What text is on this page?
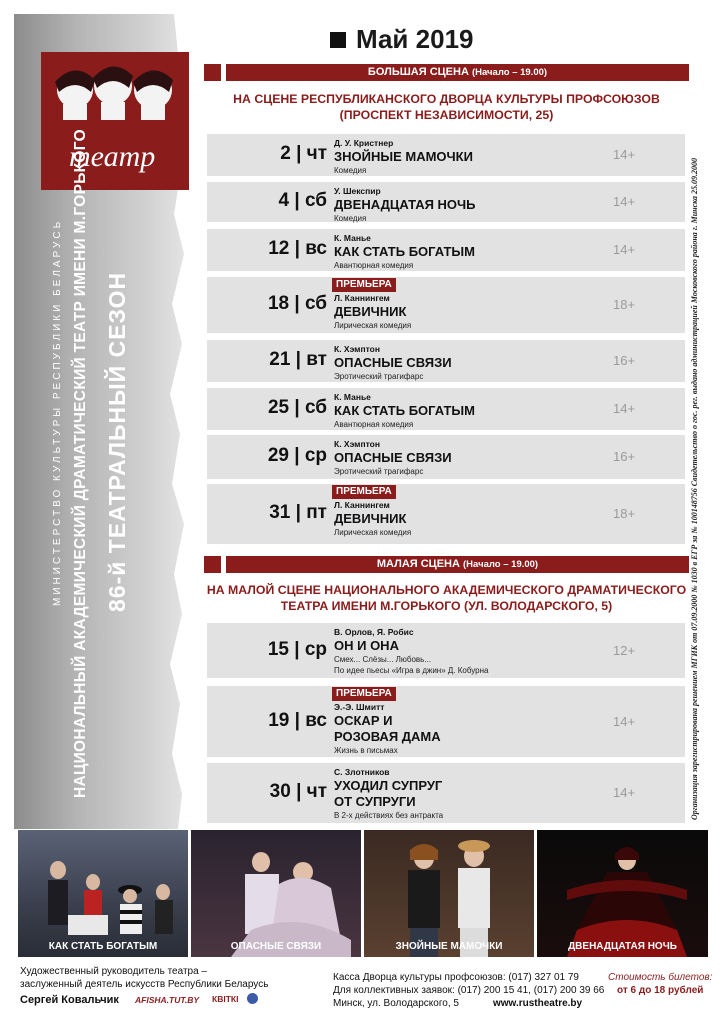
театр
МИНИСТЕРСТВО КУЛЬТУРЫ РЕСПУБЛИКИ БЕЛАРУСЬ НАЦИОНАЛЬНЫЙ АКАДЕМИЧЕСКИЙ ДРАМАТИЧЕСКИЙ ТЕАТР ИМЕНИ М.ГОРЬКОГО 86-й ТЕАТРАЛЬНЫЙ СЕЗОН
Май 2019
БОЛЬШАЯ СЦЕНА (Начало – 19.00)
НА СЦЕНЕ РЕСПУБЛИКАНСКОГО ДВОРЦА КУЛЬТУРЫ ПРОФСОЮЗОВ
(ПРОСПЕКТ НЕЗАВИСИМОСТИ, 25)
2 | чт Д. У. Кристнер
ЗНОЙНЫЕ МАМОЧКИ
Комедия
14+
4 | сб У. Шекспир
ДВЕНАДЦАТАЯ НОЧЬ
Комедия
14+
12 | вс К. Манье
КАК СТАТЬ БОГАТЫМ
Авантюрная комедия
14+
ПРЕМЬЕРА
18 | сб Л. Каннингем
ДЕВИЧНИК
Лирическая комедия
18+
21 | вт К. Хэмптон
ОПАСНЫЕ СВЯЗИ
Эротический трагифарс
16+
25 | сб К. Манье
КАК СТАТЬ БОГАТЫМ
Авантюрная комедия
14+
29 | ср
К. Хэмптон
ОПАСНЫЕ СВЯЗИ
Эротический трагифарс
16+
ПРЕМЬЕРА
31 | пт Л. Каннингем
ДЕВИЧНИК
Лирическая комедия
18+
МАЛАЯ СЦЕНА (Начало – 19.00)
НА МАЛОЙ СЦЕНЕ НАЦИОНАЛЬНОГО АКАДЕМИЧЕСКОГО ДРАМАТИЧЕСКОГО
ТЕАТРА ИМЕНИ М.ГОРЬКОГО (УЛ. ВОЛОДАРСКОГО, 5)
15 | ср
В. Орлов, Я. Робис
ОН И ОНА
Смех... Слёзы... Любовь...
По идее пьесы «Игра в джин» Д. Кобурна
12+
ПРЕМЬЕРА
19 | вс
Э.-Э. Шмитт
ОСКАР И
РОЗОВАЯ ДАМА
Жизнь в письмах
14+
30 | чт
С. Злотников
УХОДИЛ СУПРУГ
ОТ СУПРУГИ
В 2-х действиях без антракта
14+	Организация зарегистрирована решением МГИК от 07.09.2000 № 1030 в ЕГР за № 100148756 Свидетельство о гос. рег. выдано администрацией Московского района г. Минска 25.09.2000
КАК СТАТЬ БОГАТЫМ	ОПАСНЫЕ СВЯЗИ	ЗНОЙНЫЕ МАМОЧКИ	ДВЕНАДЦАТАЯ НОЧЬ
Художественный руководитель театра –
заслуженный деятель искусств Республики Беларусь
Сергей Ковальчик AFISHA.TUT.BY КВІТКІ
Касса Дворца культуры профсоюзов: (017) 327 01 79
Для коллективных заявок: (017) 200 15 41, (017) 200 39 66
Минск, ул. Володарского, 5	www.rustheatre.by
Стоимость билетов:
от 6 до 18 рублей
